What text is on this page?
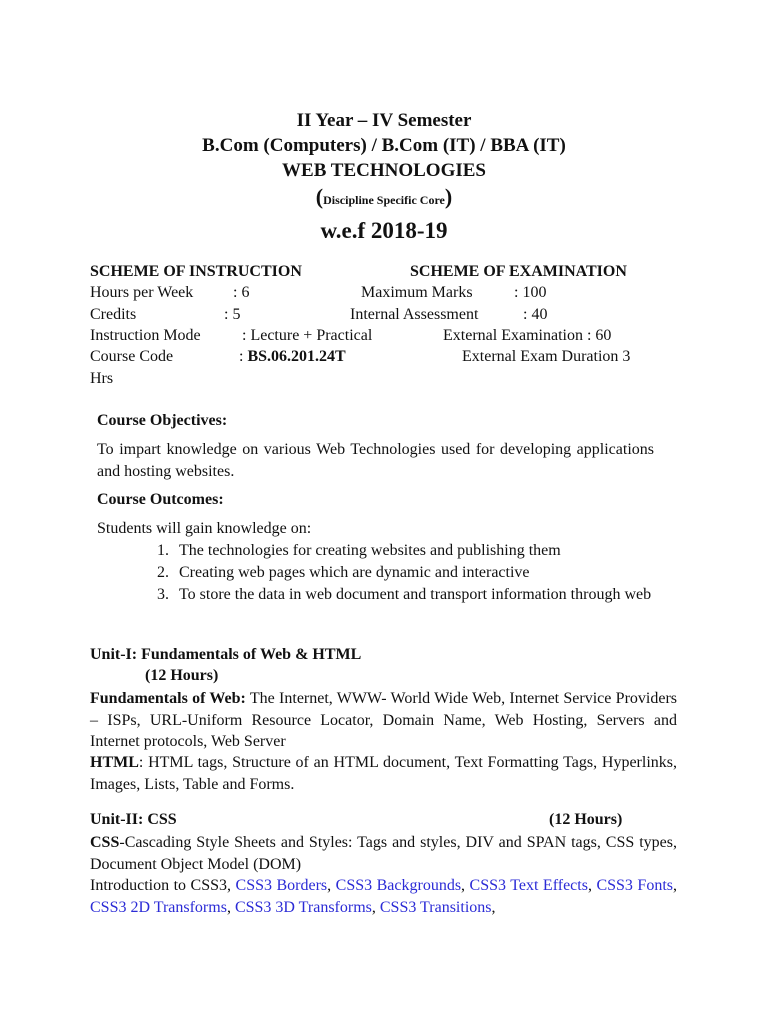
II Year – IV Semester
B.Com (Computers) / B.Com (IT) / BBA (IT)
WEB TECHNOLOGIES
(Discipline Specific Core)
w.e.f 2018-19
SCHEME OF INSTRUCTION	SCHEME OF EXAMINATION
Hours per Week : 6	Maximum Marks	: 100
Credits	: 5	Internal Assessment	: 40
Instruction Mode	: Lecture + Practical	External Examination : 60
Course Code	: BS.06.201.24T	External Exam Duration 3
Hrs
Course Objectives:
To impart knowledge on various Web Technologies used for developing applications and hosting websites.
Course Outcomes:
Students will gain knowledge on:
1. The technologies for creating websites and publishing them
2. Creating web pages which are dynamic and interactive
3. To store the data in web document and transport information through web
Unit-I: Fundamentals of Web & HTML
(12 Hours)
Fundamentals of Web: The Internet, WWW- World Wide Web, Internet Service Providers – ISPs, URL-Uniform Resource Locator, Domain Name, Web Hosting, Servers and Internet protocols, Web Server
HTML: HTML tags, Structure of an HTML document, Text Formatting Tags, Hyperlinks, Images, Lists, Table and Forms.
Unit-II: CSS	(12 Hours)
CSS-Cascading Style Sheets and Styles: Tags and styles, DIV and SPAN tags, CSS types, Document Object Model (DOM)
Introduction to CSS3, CSS3 Borders, CSS3 Backgrounds, CSS3 Text Effects, CSS3 Fonts, CSS3 2D Transforms, CSS3 3D Transforms, CSS3 Transitions,
